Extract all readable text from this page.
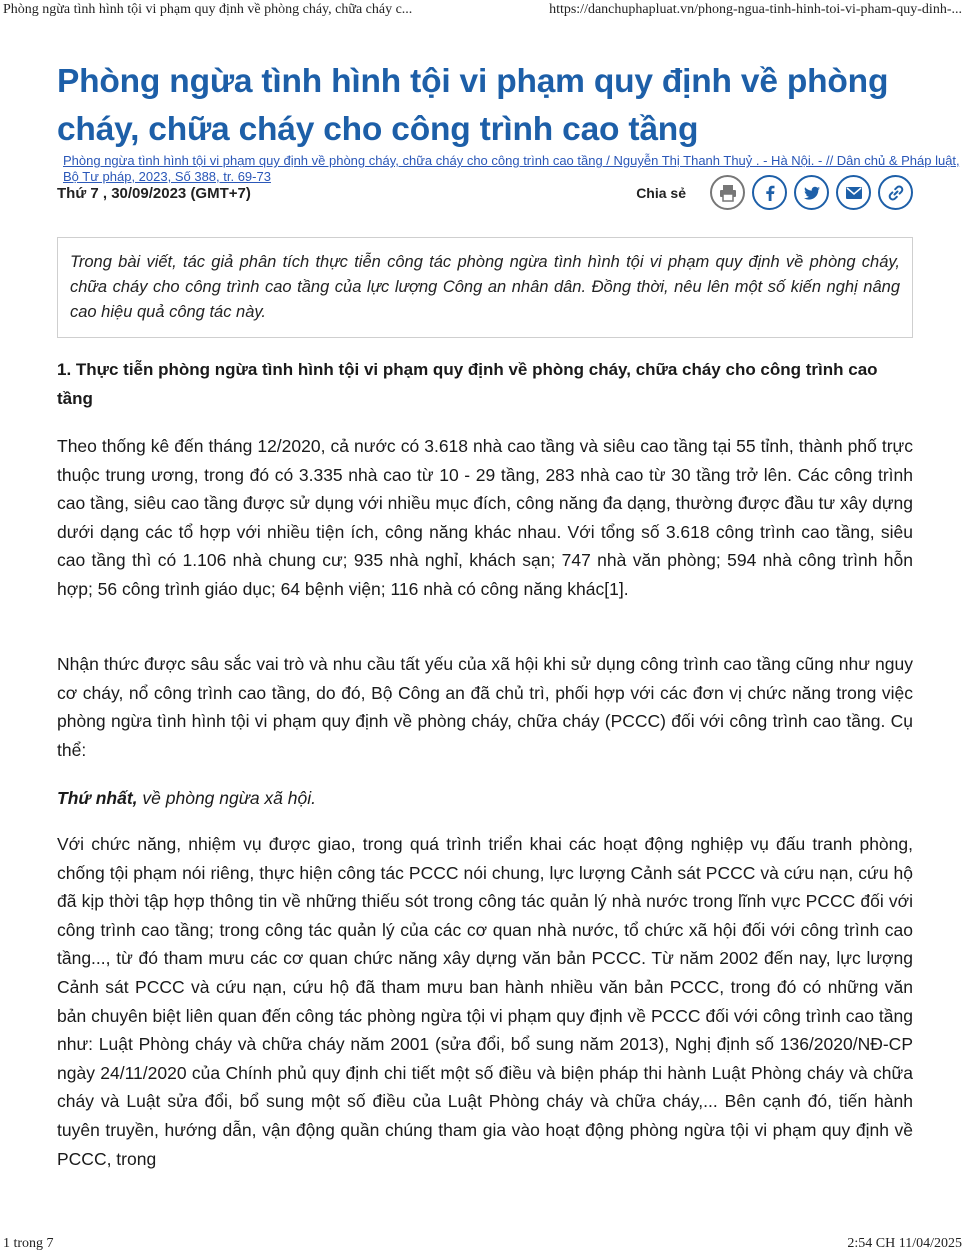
Phòng ngừa tình hình tội vi phạm quy định về phòng cháy, chữa cháy c...	https://danchuphapluat.vn/phong-ngua-tinh-hinh-toi-vi-pham-quy-dinh-...
Phòng ngừa tình hình tội vi phạm quy định về phòng cháy, chữa cháy cho công trình cao tầng
Phòng ngừa tình hình tội vi phạm quy định về phòng cháy, chữa cháy cho công trình cao tầng / Nguyễn Thị Thanh Thuỷ . - Hà Nội. - // Dân chủ & Pháp luật, Bộ Tư pháp, 2023, Số 388, tr. 69-73
Thứ 7 , 30/09/2023 (GMT+7)	Chia sẻ
Trong bài viết, tác giả phân tích thực tiễn công tác phòng ngừa tình hình tội vi phạm quy định về phòng cháy, chữa cháy cho công trình cao tầng của lực lượng Công an nhân dân. Đồng thời, nêu lên một số kiến nghị nâng cao hiệu quả công tác này.
1. Thực tiễn phòng ngừa tình hình tội vi phạm quy định về phòng cháy, chữa cháy cho công trình cao tầng

Theo thống kê đến tháng 12/2020, cả nước có 3.618 nhà cao tầng và siêu cao tầng tại 55 tỉnh, thành phố trực thuộc trung ương, trong đó có 3.335 nhà cao từ 10 - 29 tầng, 283 nhà cao từ 30 tầng trở lên. Các công trình cao tầng, siêu cao tầng được sử dụng với nhiều mục đích, công năng đa dạng, thường được đầu tư xây dựng dưới dạng các tổ hợp với nhiều tiện ích, công năng khác nhau. Với tổng số 3.618 công trình cao tầng, siêu cao tầng thì có 1.106 nhà chung cư; 935 nhà nghỉ, khách sạn; 747 nhà văn phòng; 594 nhà công trình hỗn hợp; 56 công trình giáo dục; 64 bệnh viện; 116 nhà có công năng khác[1].

Nhận thức được sâu sắc vai trò và nhu cầu tất yếu của xã hội khi sử dụng công trình cao tầng cũng như nguy cơ cháy, nổ công trình cao tầng, do đó, Bộ Công an đã chủ trì, phối hợp với các đơn vị chức năng trong việc phòng ngừa tình hình tội vi phạm quy định về phòng cháy, chữa cháy (PCCC) đối với công trình cao tầng. Cụ thể:

Thứ nhất, về phòng ngừa xã hội.

Với chức năng, nhiệm vụ được giao, trong quá trình triển khai các hoạt động nghiệp vụ đấu tranh phòng, chống tội phạm nói riêng, thực hiện công tác PCCC nói chung, lực lượng Cảnh sát PCCC và cứu nạn, cứu hộ đã kịp thời tập hợp thông tin về những thiếu sót trong công tác quản lý nhà nước trong lĩnh vực PCCC đối với công trình cao tầng; trong công tác quản lý của các cơ quan nhà nước, tổ chức xã hội đối với công trình cao tầng..., từ đó tham mưu các cơ quan chức năng xây dựng văn bản PCCC. Từ năm 2002 đến nay, lực lượng Cảnh sát PCCC và cứu nạn, cứu hộ đã tham mưu ban hành nhiều văn bản PCCC, trong đó có những văn bản chuyên biệt liên quan đến công tác phòng ngừa tội vi phạm quy định về PCCC đối với công trình cao tầng như: Luật Phòng cháy và chữa cháy năm 2001 (sửa đổi, bổ sung năm 2013), Nghị định số 136/2020/NĐ-CP ngày 24/11/2020 của Chính phủ quy định chi tiết một số điều và biện pháp thi hành Luật Phòng cháy và chữa cháy và Luật sửa đổi, bổ sung một số điều của Luật Phòng cháy và chữa cháy,... Bên cạnh đó, tiến hành tuyên truyền, hướng dẫn, vận động quần chúng tham gia vào hoạt động phòng ngừa tội vi phạm quy định về PCCC, trong

1 trong 7	2:54 CH 11/04/2025
